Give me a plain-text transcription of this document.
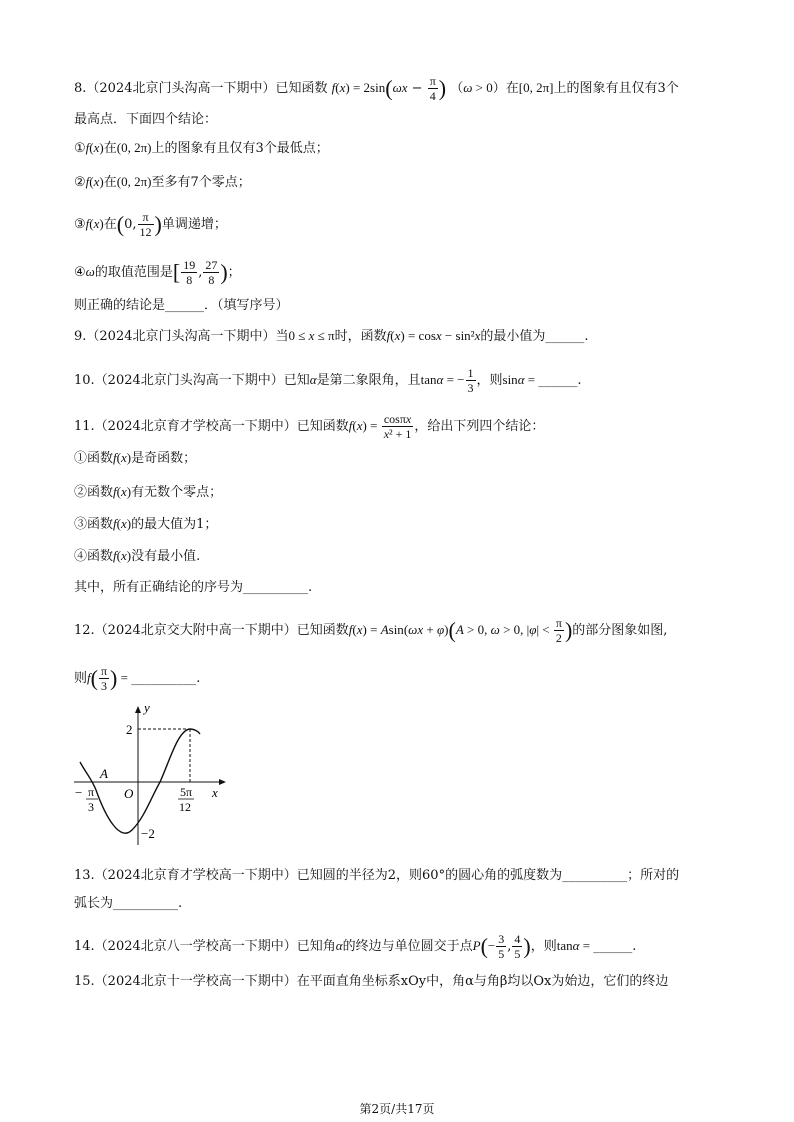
8.（2024北京门头沟高一下期中）已知函数 $f(x) = 2\sin(\omega x - \frac{\pi}{4}$ ) （ω > 0）在[0, 2π]上的图象有且仅有3个
最高点．下面四个结论：
①f(x)在(0, 2π)上的图象有且仅有3个最低点；
②f(x)在(0, 2π)至多有7个零点；
③f(x)在(0, $\frac{\pi}{12}$ )单调递增；
④ω的取值范围是[ $\frac{19}{8}$ , $\frac{27}{8}$ )；
则正确的结论是______．（填写序号）
9.（2024北京门头沟高一下期中）当0 ≤ x ≤ π时，函数f(x) = cosx − sin²x的最小值为______.
10.（2024北京门头沟高一下期中）已知α是第二象限角，且tanα = − $\frac{1}{3}$ ，则sinα = ______.
11.（2024北京育才学校高一下期中）已知函数$f(x) = \frac{\cos\pi x}{\text{x² + 1}}$ ，给出下列四个结论：
①函数f(x)是奇函数；
②函数f(x)有无数个零点；
③函数f(x)的最大值为1；
④函数f(x)没有最小值.
其中，所有正确结论的序号为__________.
12.（2024北京交大附中高一下期中）已知函数f(x) = Asin(ωx + φ)(A > 0, ω > 0, $|\varphi| < \frac{\pi}{2}$ )的部分图象如图,
则$f( \frac{\pi}{3}$ ) = __________.
y
x
O
A
2
−2
− π
3
5π
12
13.（2024北京育才学校高一下期中）已知圆的半径为2，则60°的圆心角的弧度数为__________；所对的
弧长为__________.
14.（2024北京八一学校高一下期中）已知角α的终边与单位圆交于点$P(- \frac{3}{5}$ , $\frac{4}{5}$ )，则tanα = ______.
15.（2024北京十一学校高一下期中）在平面直角坐标系xOy中，角α与角β均以Ox为始边，它们的终边
第2页/共17页
